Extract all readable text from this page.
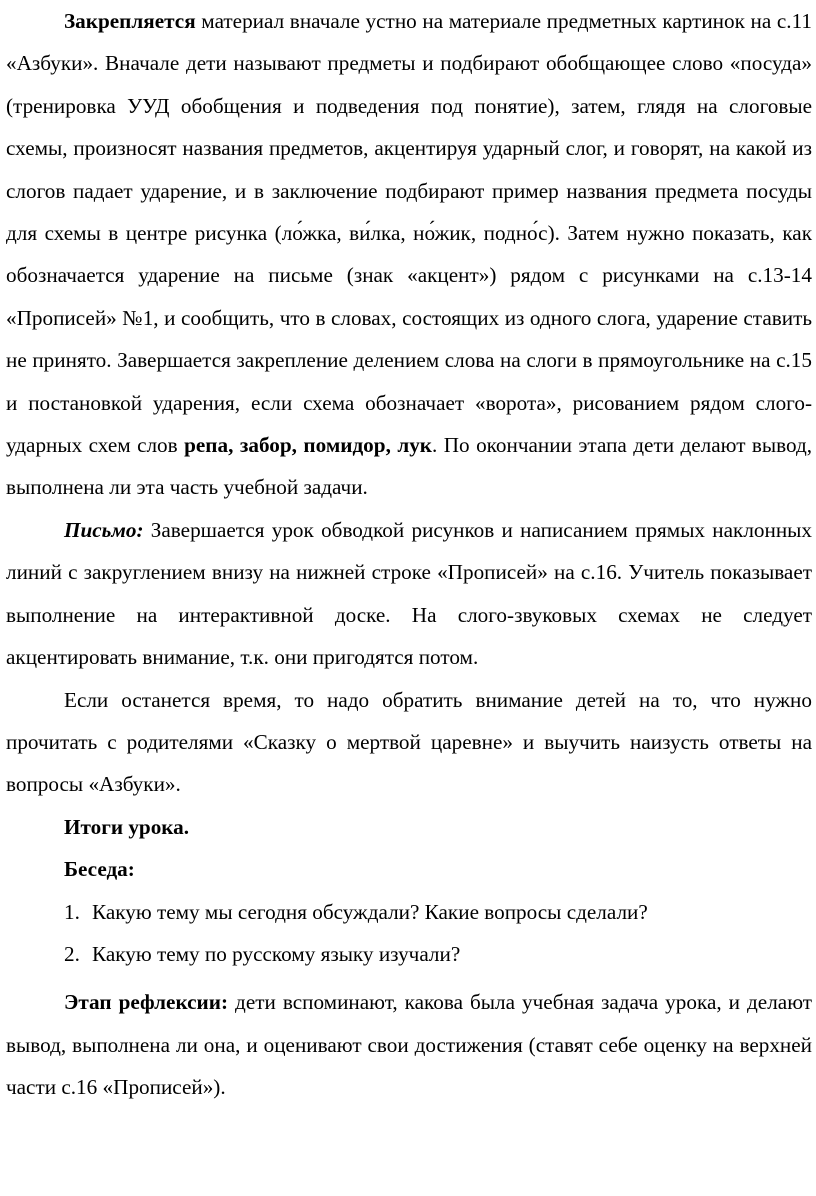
Закрепляется материал вначале устно на материале предметных картинок на с.11 «Азбуки». Вначале дети называют предметы и подбирают обобщающее слово «посуда» (тренировка УУД обобщения и подведения под понятие), затем, глядя на слоговые схемы, произносят названия предметов, акцентируя ударный слог, и говорят, на какой из слогов падает ударение, и в заключение подбирают пример названия предмета посуды для схемы в центре рисунка (ло́жка, ви́лка, но́жик, подно́с). Затем нужно показать, как обозначается ударение на письме (знак «акцент») рядом с рисунками на с.13-14 «Прописей» №1, и сообщить, что в словах, состоящих из одного слога, ударение ставить не принято. Завершается закрепление делением слова на слоги в прямоугольнике на с.15 и постановкой ударения, если схема обозначает «ворота», рисованием рядом слого-ударных схем слов репа, забор, помидор, лук. По окончании этапа дети делают вывод, выполнена ли эта часть учебной задачи.

Письмо: Завершается урок обводкой рисунков и написанием прямых наклонных линий с закруглением внизу на нижней строке «Прописей» на с.16. Учитель показывает выполнение на интерактивной доске. На слого-звуковых схемах не следует акцентировать внимание, т.к. они пригодятся потом.

Если останется время, то надо обратить внимание детей на то, что нужно прочитать с родителями «Сказку о мертвой царевне» и выучить наизусть ответы на вопросы «Азбуки».

Итоги урока.

Беседа:

1. Какую тему мы сегодня обсуждали? Какие вопросы сделали?
2. Какую тему по русскому языку изучали?

Этап рефлексии: дети вспоминают, какова была учебная задача урока, и делают вывод, выполнена ли она, и оценивают свои достижения (ставят себе оценку на верхней части с.16 «Прописей»).
